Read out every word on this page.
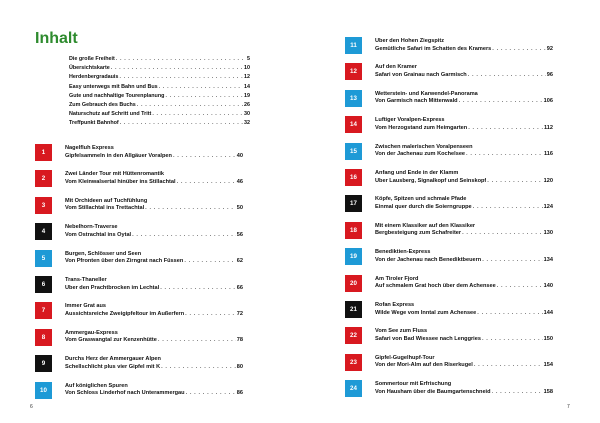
Inhalt
Die große Freiheit . . .	5
Übersichtskarte . . .	10
Herdenbergradauis . . .	12
Easy unterwegs mit Bahn und Bus . . .	14
Gute und nachhaltige Tourenplanung . . .	19
Zum Gebrauch des Buchs . . .	26
Naturschutz auf Schritt und Tritt . . .	30
Treffpunkt Bahnhof . . .	32
1
Nagelfluh Express
Gipfelsammeln in den Allgäuer Voralpen . . .	40
2
Zwei Länder Tour mit Hüttenromantik
Vom Kleinwalsertal hinüber ins Stillachtal . . .	46
3
Mit Orchideen auf Tuchfühlung
Vom Stillachtal ins Trettachtal . . .	50
4
Nebelhorn-Traverse
Vom Ostrachtal ins Oytal . . .	56
5
Burgen, Schlösser und Seen
Von Pfronten über den Zirngrat nach Füssen . . .	62
6
Trans-Thaneller
Über den Prachtbrocken im Lechtal . . .	66
7
Immer Grat aus
Aussichtsreiche Zweigipfeltour im Außerfern . . .	72
8
Ammergau-Express
Vom Graswangtal zur Kenzenhütte . . .	78
9
Durchs Herz der Ammergauer Alpen
Schellschlicht plus vier Gipfel mit K . . .	80
10
Auf königlichen Spuren
Von Schloss Linderhof nach Unterammergau . . .	86
6
11
Über den Hohen Ziegspitz
Gemütliche Safari im Schatten des Kramers . . .	92
12
Auf den Kramer
Safari von Grainau nach Garmisch . . .	96
13
Wetterstein- und Karwendel-Panorama
Von Garmisch nach Mittenwald . . .	106
14
Luftiger Voralpen-Express
Vom Herzogstand zum Heimgarten . . .	112
15
Zwischen malerischen Voralpenseen
Von der Jachenau zum Kochelsee . . .	116
16
Anfang und Ende in der Klamm
Über Lausberg, Signalkopf und Seinskopf . . .	120
17
Köpfe, Spitzen und schmale Pfade
Einmal quer durch die Soierngruppe . . .	124
18
Mit einem Klassiker auf den Klassiker
Bergbesteigung zum Schafreiter . . .	130
19
Benediktien-Express
Von der Jachenau nach Benediktbeuern . . .	134
20
Am Tiroler Fjord
Auf schmalem Grat hoch über dem Achensee . . .	140
21
Rofan Express
Wilde Wege vom Inntal zum Achensee . . .	144
22
Vom See zum Fluss
Safari von Bad Wiessee nach Lenggries . . .	150
23
Gipfel-Gugelhupf-Tour
Von der Mori-Alm auf den Riserkugel . . .	154
24
Sommertour mit Erfrischung
Von Hausham über die Baumgartenschneid . . .	158
7
